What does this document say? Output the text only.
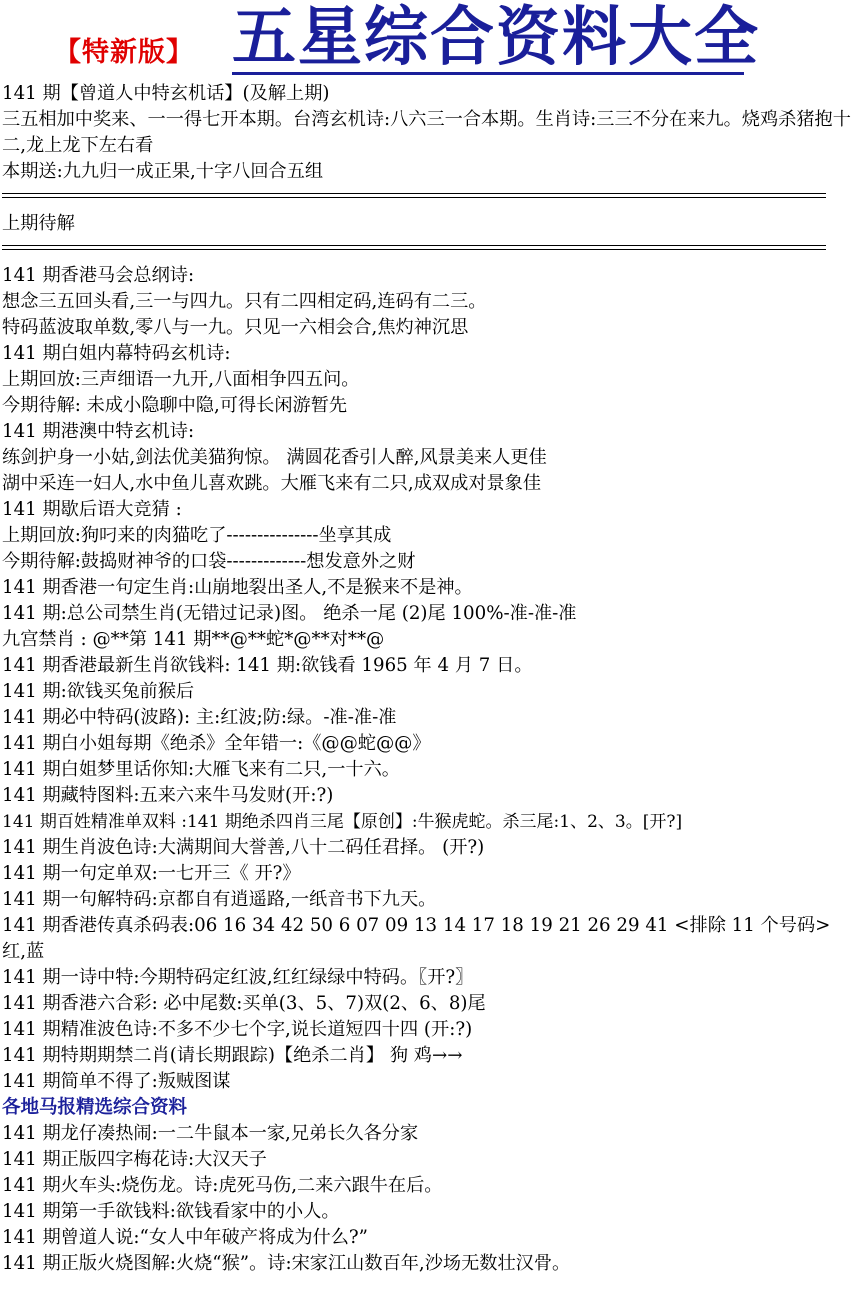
【特新版】 五星综合资料大全
141 期【曾道人中特玄机话】(及解上期)
三五相加中奖来、一一得七开本期。台湾玄机诗:八六三一合本期。生肖诗:三三不分在来九。烧鸡杀猪抱十二,龙上龙下左右看
本期送:九九归一成正果,十字八回合五组
上期待解
141 期香港马会总纲诗:
想念三五回头看,三一与四九。只有二四相定码,连码有二三。
特码蓝波取单数,零八与一九。只见一六相会合,焦灼神沉思
141 期白姐内幕特码玄机诗:
上期回放:三声细语一九开,八面相争四五问。
今期待解: 未成小隐聊中隐,可得长闲游暂先
141 期港澳中特玄机诗:
练剑护身一小姑,剑法优美猫狗惊。 满圆花香引人醉,风景美来人更佳
湖中采连一妇人,水中鱼儿喜欢跳。大雁飞来有二只,成双成对景象佳
141 期歇后语大竞猜 :
上期回放:狗叼来的肉猫吃了---------------坐享其成
今期待解:鼓捣财神爷的口袋-------------想发意外之财
141 期香港一句定生肖:山崩地裂出圣人,不是猴来不是神。
141 期:总公司禁生肖(无错过记录)图。 绝杀一尾 (2)尾 100%-准-准-准
九宫禁肖 : @**第 141 期**@**蛇*@**对**@
141 期香港最新生肖欲钱料: 141 期:欲钱看 1965 年 4 月 7 日。
141 期:欲钱买兔前猴后
141 期必中特码(波路): 主:红波;防:绿。-准-准-准
141 期白小姐每期《绝杀》全年错一:《@@蛇@@》
141 期白姐梦里话你知:大雁飞来有二只,一十六。
141 期藏特图料:五来六来牛马发财(开:?)
141 期百姓精准单双料 :141 期绝杀四肖三尾【原创】:牛猴虎蛇。杀三尾:1、2、3。[开?]
141 期生肖波色诗:大满期间大誉善,八十二码任君择。 (开?)
141 期一句定单双:一七开三《 开?》
141 期一句解特码:京都自有逍遥路,一纸音书下九天。
141 期香港传真杀码表:06 16 34 42 50 6 07 09 13 14 17 18 19 21 26 29 41 <排除 11 个号码>红,蓝
141 期一诗中特:今期特码定红波,红红绿绿中特码。〖开?〗
141 期香港六合彩: 必中尾数:买单(3、5、7)双(2、6、8)尾
141 期精准波色诗:不多不少七个字,说长道短四十四 (开:?)
141 期特期期禁二肖(请长期跟踪)【绝杀二肖】 狗 鸡→→
141 期简单不得了:叛贼图谋
各地马报精选综合资料
141 期龙仔凑热闹:一二牛鼠本一家,兄弟长久各分家
141 期正版四字梅花诗:大汉天子
141 期火车头:烧伤龙。诗:虎死马伤,二来六跟牛在后。
141 期第一手欲钱料:欲钱看家中的小人。
141 期曾道人说:“女人中年破产将成为什么?”
141 期正版火烧图解:火烧“猴”。诗:宋家江山数百年,沙场无数壮汉骨。
